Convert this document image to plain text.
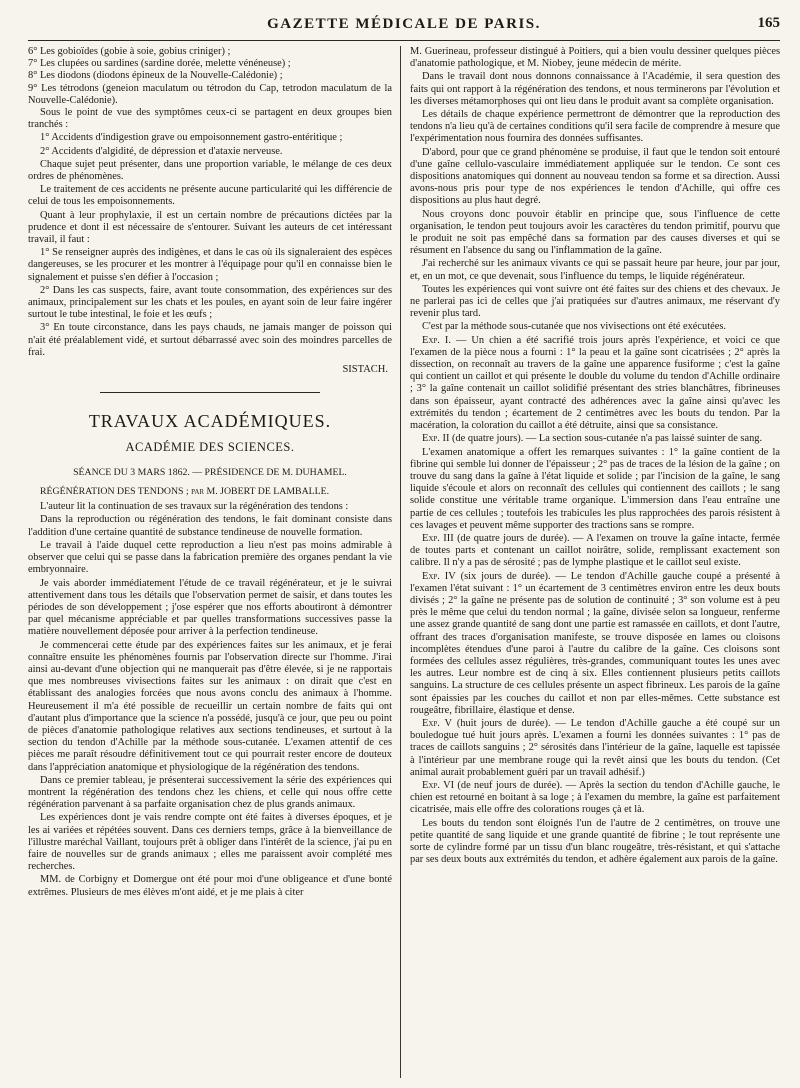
GAZETTE MÉDICALE DE PARIS.	165

6° Les gobioïdes (gobie à soie, gobius criniger) ;

7° Les clupées ou sardines (sardine dorée, melette vénéneuse) ;

8° Les diodons (diodons épineux de la Nouvelle-Calédonie) ;

9° Les tétrodons (geneion maculatum ou tétrodon du Cap, tetrodon maculatum de la Nouvelle-Calédonie).

Sous le point de vue des symptômes ceux-ci se partagent en deux groupes bien tranchés :

1° Accidents d'indigestion grave ou empoisonnement gastro-entéritique ;

2° Accidents d'algidité, de dépression et d'ataxie nerveuse.

Chaque sujet peut présenter, dans une proportion variable, le mélange de ces deux ordres de phénomènes.

Le traitement de ces accidents ne présente aucune particularité qui les différencie de celui de tous les empoisonnements.

Quant à leur prophylaxie, il est un certain nombre de précautions dictées par la prudence et dont il est nécessaire de s'entourer. Suivant les auteurs de cet intéressant travail, il faut :

1° Se renseigner auprès des indigènes, et dans le cas où ils signaleraient des espèces dangereuses, se les procurer et les montrer à l'équipage pour qu'il en connaisse bien le signalement et puisse s'en défier à l'occasion ;

2° Dans les cas suspects, faire, avant toute consommation, des expériences sur des animaux, principalement sur les chats et les poules, en ayant soin de leur faire ingérer surtout le tube intestinal, le foie et les œufs ;

3° En toute circonstance, dans les pays chauds, ne jamais manger de poisson qui n'ait été préalablement vidé, et surtout débarrassé avec soin des moindres parcelles de frai.

SISTACH.

TRAVAUX ACADÉMIQUES.
ACADÉMIE DES SCIENCES.
SÉANCE DU 3 MARS 1862. — PRÉSIDENCE DE M. DUHAMEL.
RÉGÉNÉRATION DES TENDONS ; par M. JOBERT DE LAMBALLE.

L'auteur lit la continuation de ses travaux sur la régénération des tendons :

Dans la reproduction ou régénération des tendons, le fait dominant consiste dans l'addition d'une certaine quantité de substance tendineuse de nouvelle formation.

Le travail à l'aide duquel cette reproduction a lieu n'est pas moins admirable à observer que celui qui se passe dans la fabrication première des organes pendant la vie embryonnaire.

Je vais aborder immédiatement l'étude de ce travail régénérateur, et je le suivrai attentivement dans tous les détails que l'observation permet de saisir, et dans toutes les périodes de son développement ; j'ose espérer que nos efforts aboutiront à démontrer par quel mécanisme appréciable et par quelles transformations successives passe la matière nouvellement déposée pour arriver à la perfection tendineuse.

Je commencerai cette étude par des expériences faites sur les animaux, et je ferai connaître ensuite les phénomènes fournis par l'observation directe sur l'homme. J'irai ainsi au-devant d'une objection qui ne manquerait pas d'être élevée, si je ne rapportais que mes nombreuses vivisections faites sur les animaux : on dirait que c'est en établissant des analogies forcées que nous avons conclu des animaux à l'homme. Heureusement il m'a été possible de recueillir un certain nombre de faits qui ont d'autant plus d'importance que la science n'a possédé, jusqu'à ce jour, que peu ou point de pièces d'anatomie pathologique relatives aux sections tendineuses, et surtout à la section du tendon d'Achille par la méthode sous-cutanée. L'examen attentif de ces pièces me paraît résoudre définitivement tout ce qui pourrait rester encore de douteux dans l'appréciation anatomique et physiologique de la régénération des tendons.

Dans ce premier tableau, je présenterai successivement la série des expériences qui montrent la régénération des tendons chez les chiens, et celle qui nous offre cette régénération parvenant à sa parfaite organisation chez de plus grands animaux.

Les expériences dont je vais rendre compte ont été faites à diverses époques, et je les ai variées et répétées souvent. Dans ces derniers temps, grâce à la bienveillance de l'illustre maréchal Vaillant, toujours prêt à obliger dans l'intérêt de la science, j'ai pu en faire de nouvelles sur de grands animaux ; elles me paraissent avoir complété mes recherches.

MM. de Corbigny et Domergue ont été pour moi d'une obligeance et d'une bonté extrêmes. Plusieurs de mes élèves m'ont aidé, et je me plais à citer

M. Guerineau, professeur distingué à Poitiers, qui a bien voulu dessiner quelques pièces d'anatomie pathologique, et M. Niobey, jeune médecin de mérite.

Dans le travail dont nous donnons connaissance à l'Académie, il sera question des faits qui ont rapport à la régénération des tendons, et nous terminerons par l'évolution et les diverses métamorphoses qui ont lieu dans le produit avant sa complète organisation.

Les détails de chaque expérience permettront de démontrer que la reproduction des tendons n'a lieu qu'à de certaines conditions qu'il sera facile de comprendre à mesure que l'expérimentation nous fournira des données suffisantes.

D'abord, pour que ce grand phénomène se produise, il faut que le tendon soit entouré d'une gaîne cellulo-vasculaire immédiatement appliquée sur le tendon. Ce sont ces dispositions anatomiques qui donnent au nouveau tendon sa forme et sa direction. Aussi avons-nous pris pour type de nos expériences le tendon d'Achille, qui offre ces dispositions au plus haut degré.

Nous croyons donc pouvoir établir en principe que, sous l'influence de cette organisation, le tendon peut toujours avoir les caractères du tendon primitif, pourvu que le produit ne soit pas empêché dans sa formation par des causes diverses et qui se résument en l'absence du sang ou l'inflammation de la gaîne.

J'ai recherché sur les animaux vivants ce qui se passait heure par heure, jour par jour, et, en un mot, ce que devenait, sous l'influence du temps, le liquide régénérateur.

Toutes les expériences qui vont suivre ont été faites sur des chiens et des chevaux. Je ne parlerai pas ici de celles que j'ai pratiquées sur d'autres animaux, me réservant d'y revenir plus tard.

C'est par la méthode sous-cutanée que nos vivisections ont été exécutées.

Exp. I. — Un chien a été sacrifié trois jours après l'expérience, et voici ce que l'examen de la pièce nous a fourni : 1° la peau et la gaîne sont cicatrisées ; 2° après la dissection, on reconnaît au travers de la gaîne une apparence fusiforme ; c'est la gaîne qui contient un caillot et qui présente le double du volume du tendon d'Achille ordinaire ; 3° la gaîne contenait un caillot solidifié présentant des stries blanchâtres, fibrineuses dans son épaisseur, ayant contracté des adhérences avec la gaîne ainsi qu'avec les extrémités du tendon ; écartement de 2 centimètres avec les bouts du tendon. Par la macération, la coloration du caillot a été détruite, ainsi que sa consistance.

Exp. II (de quatre jours). — La section sous-cutanée n'a pas laissé suinter de sang.

L'examen anatomique a offert les remarques suivantes : 1° la gaîne contient de la fibrine qui semble lui donner de l'épaisseur ; 2° pas de traces de la lésion de la gaîne ; on trouve du sang dans la gaîne à l'état liquide et solide ; par l'incision de la gaîne, le sang liquide s'écoule et alors on reconnaît des cellules qui contiennent des caillots ; le sang solide constitue une véritable trame organique. L'immersion dans l'eau entraîne une partie de ces cellules ; toutefois les trabicules les plus rapprochées des parois résistent à ces lavages et peuvent même supporter des tractions sans se rompre.

Exp. III (de quatre jours de durée). — A l'examen on trouve la gaîne intacte, fermée de toutes parts et contenant un caillot noirâtre, solide, remplissant exactement son calibre. Il n'y a pas de sérosité ; pas de lymphe plastique et le caillot seul existe.

Exp. IV (six jours de durée). — Le tendon d'Achille gauche coupé a présenté à l'examen l'état suivant : 1° un écartement de 3 centimètres environ entre les deux bouts divisés ; 2° la gaîne ne présente pas de solution de continuité ; 3° son volume est à peu près le même que celui du tendon normal ; la gaîne, divisée selon sa longueur, renferme une assez grande quantité de sang dont une partie est ramassée en caillots, et dont l'autre, offrant des traces d'organisation manifeste, se trouve disposée en lames ou cloisons incomplètes étendues d'une paroi à l'autre du calibre de la gaîne. Ces cloisons sont formées des cellules assez régulières, très-grandes, communiquant toutes les unes avec les autres. Leur nombre est de cinq à six. Elles contiennent plusieurs petits caillots sanguins. La structure de ces cellules présente un aspect fibrineux. Les parois de la gaîne sont épaissies par les couches du caillot et non par elles-mêmes. Cette substance est rougeâtre, fibrillaire, élastique et dense.

Exp. V (huit jours de durée). — Le tendon d'Achille gauche a été coupé sur un bouledogue tué huit jours après. L'examen a fourni les données suivantes : 1° pas de traces de caillots sanguins ; 2° sérosités dans l'intérieur de la gaîne, laquelle est tapissée à l'intérieur par une membrane rouge qui la revêt ainsi que les bouts du tendon. (Cet animal aurait probablement guéri par un travail adhésif.)

Exp. VI (de neuf jours de durée). — Après la section du tendon d'Achille gauche, le chien est retourné en boitant à sa loge ; à l'examen du membre, la gaîne est parfaitement cicatrisée, mais elle offre des colorations rouges çà et là.

Les bouts du tendon sont éloignés l'un de l'autre de 2 centimètres, on trouve une petite quantité de sang liquide et une grande quantité de fibrine ; le tout représente une sorte de cylindre formé par un tissu d'un blanc rougeâtre, très-résistant, et qui s'attache par ses deux bouts aux extrémités du tendon, et adhère également aux parois de la gaîne.
